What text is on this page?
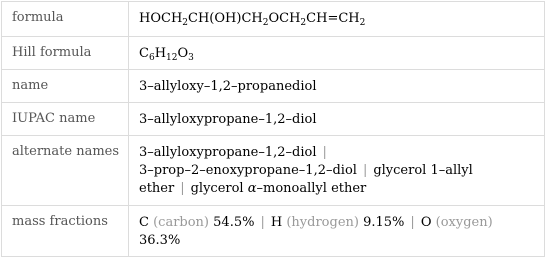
formula	$HOCH_2CH(OH)CH_2OCH_2CH=CH_2$
Hill formula	$C_6H_{12}O_3$
name	3–allyloxy–1,2–propanediol
IUPAC name	3–allyloxypropane–1,2–diol
alternate names	3–allyloxypropane–1,2–diol |
3–prop–2–enoxypropane–1,2–diol | glycerol 1–allyl ether | glycerol α–monoallyl ether
mass fractions	C (carbon) 54.5% | H (hydrogen) 9.15% | O (oxygen)
36.3%
